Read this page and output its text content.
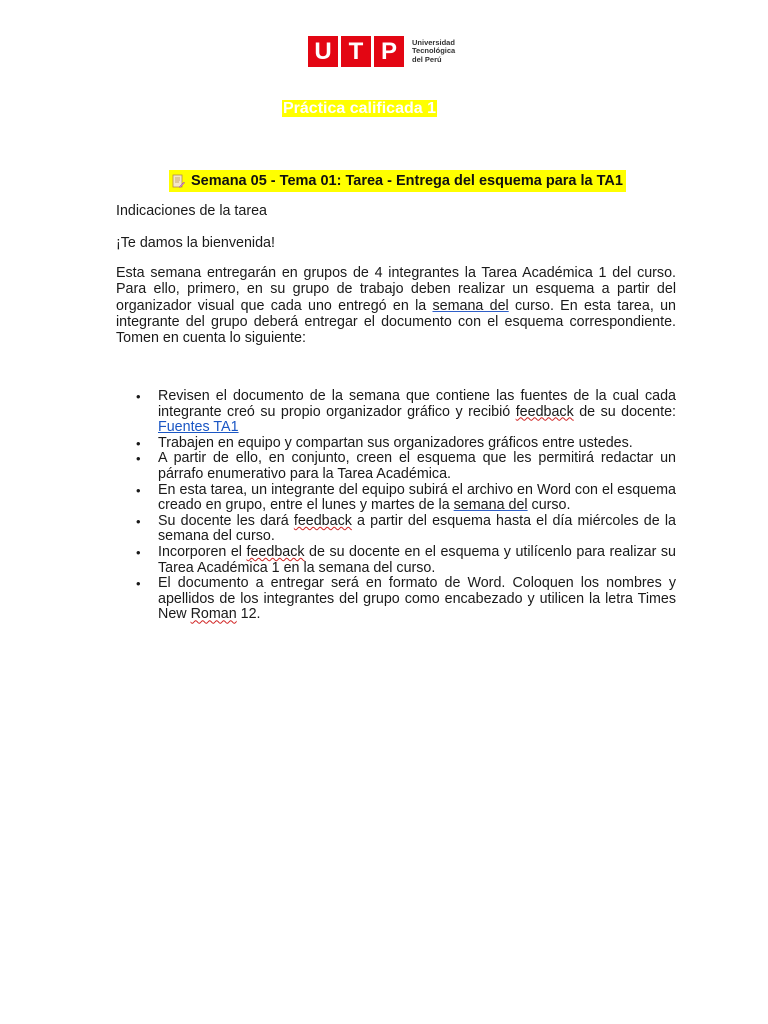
U T P	Universidad
Tecnológica
del Perú
Práctica calificada 1
Semana 05 - Tema 01: Tarea - Entrega del esquema para la TA1
Indicaciones de la tarea
¡Te damos la bienvenida!
Esta semana entregarán en grupos de 4 integrantes la Tarea Académica 1 del curso. Para ello, primero, en su grupo de trabajo deben realizar un esquema a partir del organizador visual que cada uno entregó en la semana del curso. En esta tarea, un integrante del grupo deberá entregar el documento con el esquema correspondiente. Tomen en cuenta lo siguiente:
• Revisen el documento de la semana que contiene las fuentes de la cual cada integrante creó su propio organizador gráfico y recibió feedback de su docente: Fuentes TA1
• Trabajen en equipo y compartan sus organizadores gráficos entre ustedes.
• A partir de ello, en conjunto, creen el esquema que les permitirá redactar un párrafo enumerativo para la Tarea Académica.
• En esta tarea, un integrante del equipo subirá el archivo en Word con el esquema creado en grupo, entre el lunes y martes de la semana del curso.
• Su docente les dará feedback a partir del esquema hasta el día miércoles de la semana del curso.
• Incorporen el feedback de su docente en el esquema y utilícenlo para realizar su Tarea Académica 1 en la semana del curso.
• El documento a entregar será en formato de Word. Coloquen los nombres y apellidos de los integrantes del grupo como encabezado y utilicen la letra Times New Roman 12.
